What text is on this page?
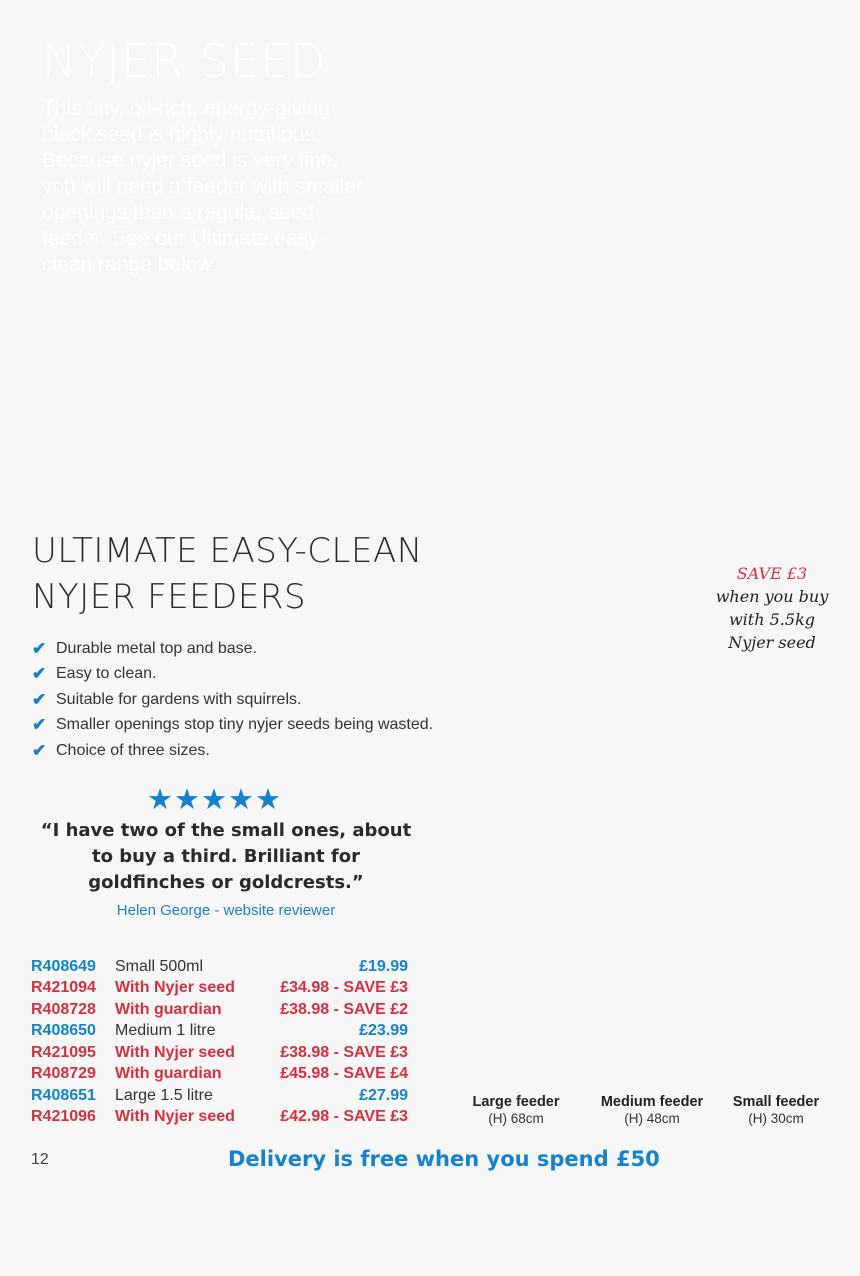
NYJER SEED

This tiny, oil-rich, energy-giving black seed is highly nutritious. Because nyjer seed is very fine, you will need a feeder with smaller openings than a regular seed feeder. See our Ultimate easy-clean range below.

ULTIMATE EASY-CLEAN
NYJER FEEDERS
✔ Durable metal top and base.
✔ Easy to clean.
✔ Suitable for gardens with squirrels.
✔ Smaller openings stop tiny nyjer seeds being wasted.
✔ Choice of three sizes.
★★★★★

“I have two of the small ones, about to buy a third. Brilliant for goldfinches or goldcrests.”

Helen George - website reviewer
SAVE £3
when you buy
with 5.5kg
Nyjer seed
R408649	Small 500ml	£19.99
R421094	With Nyjer seed	£34.98 - SAVE £3
R408728	With guardian	£38.98 - SAVE £2
R408650	Medium 1 litre	£23.99
R421095	With Nyjer seed	£38.98 - SAVE £3
R408729	With guardian	£45.98 - SAVE £4
R408651	Large 1.5 litre	£27.99
R421096	With Nyjer seed	£42.98 - SAVE £3
Large feeder
(H) 68cm
Medium feeder
(H) 48cm
Small feeder
(H) 30cm
12	Delivery is free when you spend £50
